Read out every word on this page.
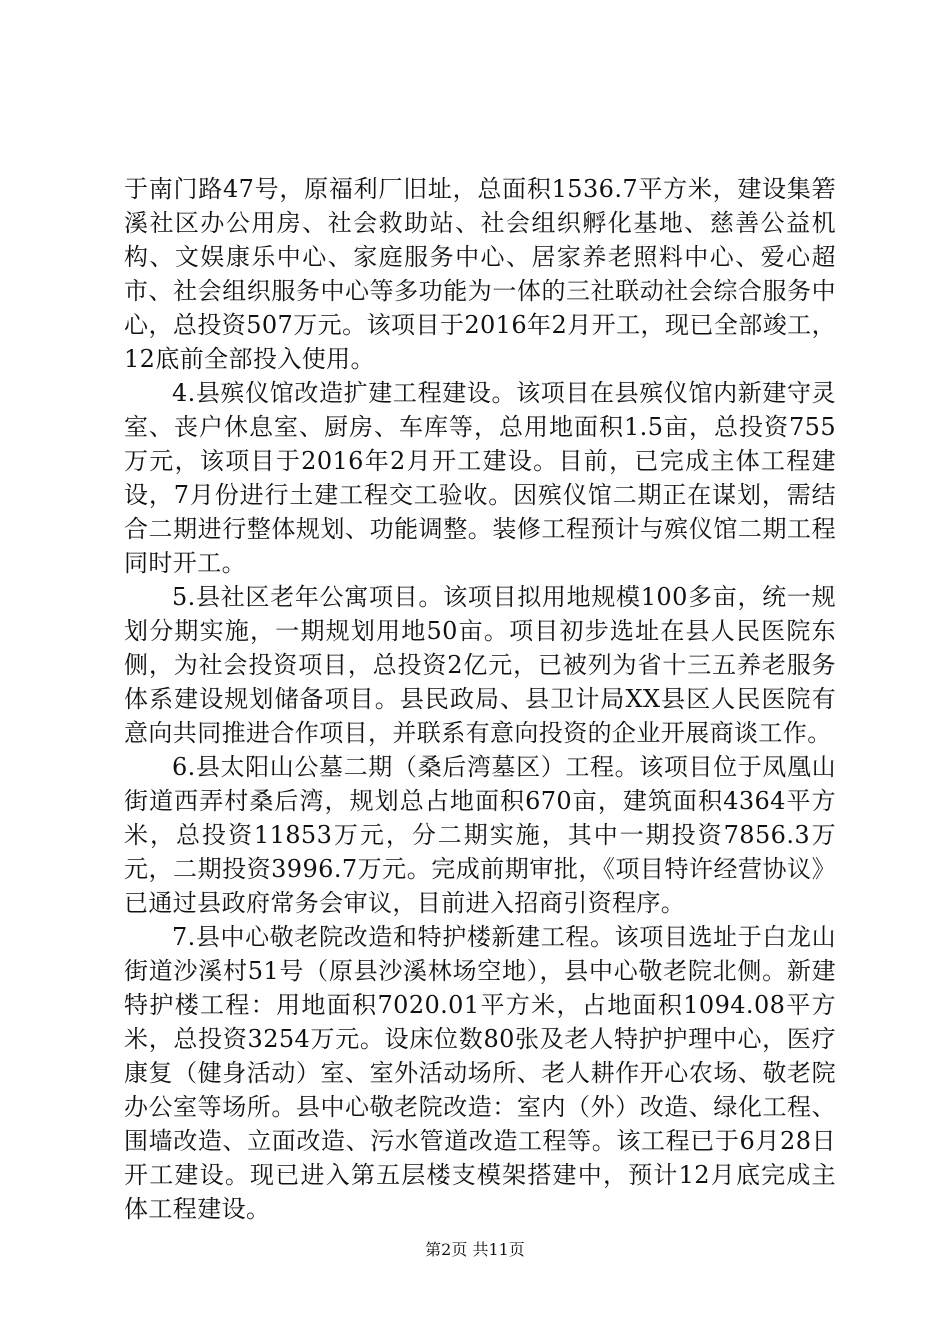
于南门路47号，原福利厂旧址，总面积1536.7平方米，建设集箬溪社区办公用房、社会救助站、社会组织孵化基地、慈善公益机构、文娱康乐中心、家庭服务中心、居家养老照料中心、爱心超市、社会组织服务中心等多功能为一体的三社联动社会综合服务中心，总投资507万元。该项目于2016年2月开工，现已全部竣工，12底前全部投入使用。

4.县殡仪馆改造扩建工程建设。该项目在县殡仪馆内新建守灵室、丧户休息室、厨房、车库等，总用地面积1.5亩，总投资755万元，该项目于2016年2月开工建设。目前，已完成主体工程建设，7月份进行土建工程交工验收。因殡仪馆二期正在谋划，需结合二期进行整体规划、功能调整。装修工程预计与殡仪馆二期工程同时开工。

5.县社区老年公寓项目。该项目拟用地规模100多亩，统一规划分期实施，一期规划用地50亩。项目初步选址在县人民医院东侧，为社会投资项目，总投资2亿元，已被列为省十三五养老服务体系建设规划储备项目。县民政局、县卫计局XX县区人民医院有意向共同推进合作项目，并联系有意向投资的企业开展商谈工作。

6.县太阳山公墓二期（桑后湾墓区）工程。该项目位于凤凰山街道西弄村桑后湾，规划总占地面积670亩，建筑面积4364平方米，总投资11853万元，分二期实施，其中一期投资7856.3万元，二期投资3996.7万元。完成前期审批，《项目特许经营协议》已通过县政府常务会审议，目前进入招商引资程序。

7.县中心敬老院改造和特护楼新建工程。该项目选址于白龙山街道沙溪村51号（原县沙溪林场空地），县中心敬老院北侧。新建特护楼工程：用地面积7020.01平方米，占地面积1094.08平方米，总投资3254万元。设床位数80张及老人特护护理中心，医疗康复（健身活动）室、室外活动场所、老人耕作开心农场、敬老院办公室等场所。县中心敬老院改造：室内（外）改造、绿化工程、围墙改造、立面改造、污水管道改造工程等。该工程已于6月28日开工建设。现已进入第五层楼支模架搭建中，预计12月底完成主体工程建设。

第2页 共11页
